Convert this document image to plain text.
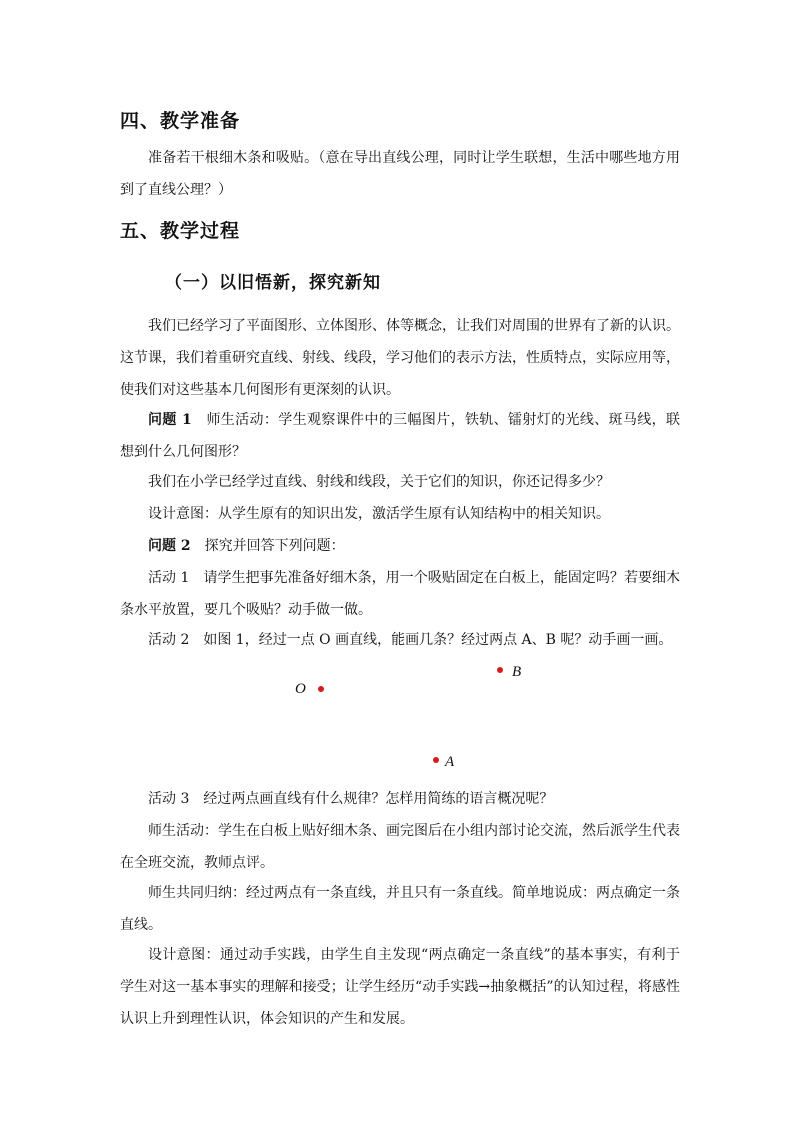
四、教学准备

准备若干根细木条和吸贴。（意在导出直线公理，同时让学生联想，生活中哪些地方用到了直线公理？）

五、教学过程
（一）以旧悟新，探究新知

我们已经学习了平面图形、立体图形、体等概念，让我们对周围的世界有了新的认识。这节课，我们着重研究直线、射线、线段，学习他们的表示方法，性质特点，实际应用等，使我们对这些基本几何图形有更深刻的认识。

问题 1　 师生活动：学生观察课件中的三幅图片，铁轨、镭射灯的光线、斑马线，联想到什么几何图形？

我们在小学已经学过直线、射线和线段，关于它们的知识，你还记得多少？
设计意图：从学生原有的知识出发，激活学生原有认知结构中的相关知识。
问题 2　 探究并回答下列问题：

活动 1　请学生把事先准备好细木条，用一个吸贴固定在白板上，能固定吗？若要细木条水平放置，要几个吸贴？动手做一做。

活动 2　如图 1，经过一点 O 画直线，能画几条？经过两点 A、B 呢？动手画一画。
O
B
A
活动 3　经过两点画直线有什么规律？怎样用简练的语言概况呢？

师生活动：学生在白板上贴好细木条、画完图后在小组内部讨论交流，然后派学生代表在全班交流，教师点评。

师生共同归纳：经过两点有一条直线，并且只有一条直线。简单地说成：两点确定一条直线。

设计意图：通过动手实践，由学生自主发现“两点确定一条直线”的基本事实，有利于学生对这一基本事实的理解和接受；让学生经历“动手实践→抽象概括”的认知过程，将感性认识上升到理性认识，体会知识的产生和发展。
